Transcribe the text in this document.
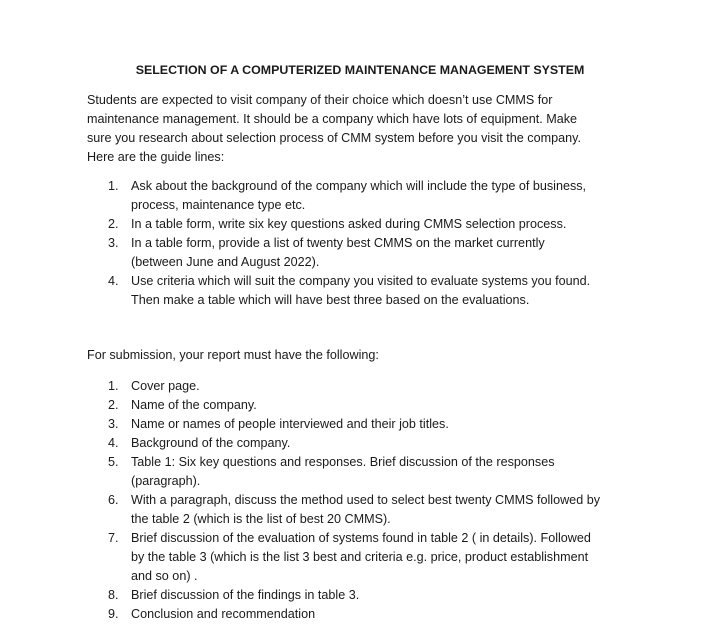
SELECTION OF A COMPUTERIZED MAINTENANCE MANAGEMENT SYSTEM
Students are expected to visit company of their choice which doesn’t use CMMS for
maintenance management. It should be a company which have lots of equipment. Make
sure you research about selection process of CMM system before you visit the company.
Here are the guide lines:
1. Ask about the background of the company which will include the type of business,
process, maintenance type etc.
2. In a table form, write six key questions asked during CMMS selection process.
3. In a table form, provide a list of twenty best CMMS on the market currently
(between June and August 2022).
4. Use criteria which will suit the company you visited to evaluate systems you found.
Then make a table which will have best three based on the evaluations.
For submission, your report must have the following:
1. Cover page.
2. Name of the company.
3. Name or names of people interviewed and their job titles.
4. Background of the company.
5. Table 1: Six key questions and responses. Brief discussion of the responses
(paragraph).
6. With a paragraph, discuss the method used to select best twenty CMMS followed by
the table 2 (which is the list of best 20 CMMS).
7. Brief discussion of the evaluation of systems found in table 2 ( in details). Followed
by the table 3 (which is the list 3 best and criteria e.g. price, product establishment
and so on) .
8. Brief discussion of the findings in table 3.
9. Conclusion and recommendation
